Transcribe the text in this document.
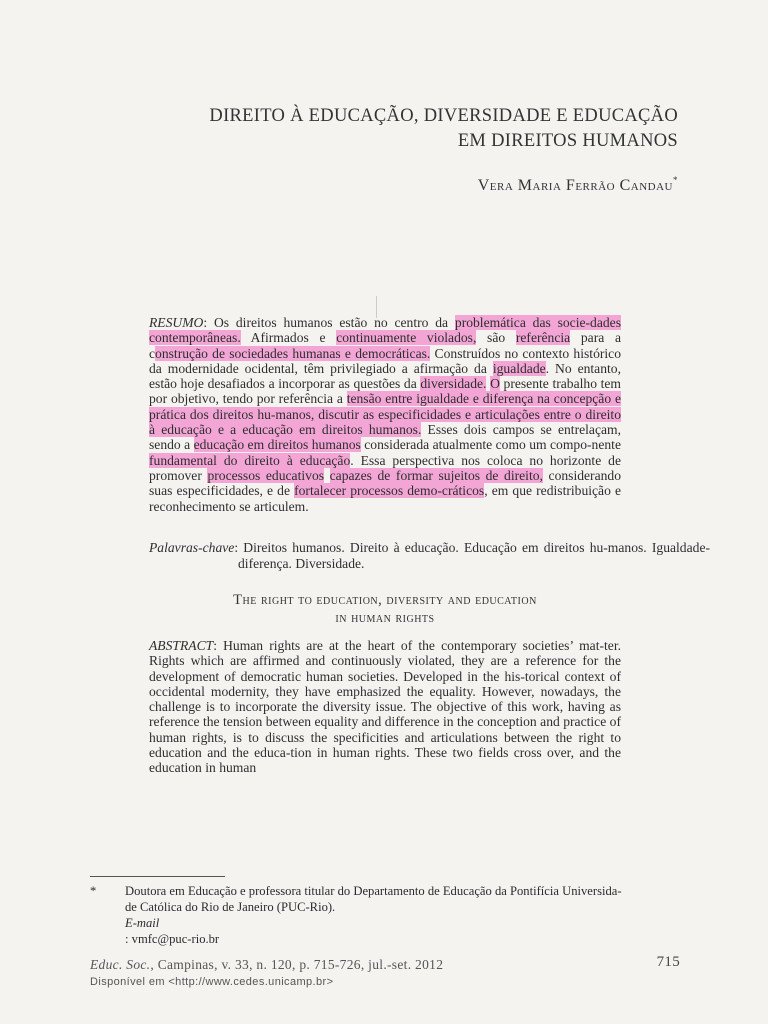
DIREITO À EDUCAÇÃO, DIVERSIDADE E EDUCAÇÃO
EM DIREITOS HUMANOS
Vera Maria Ferrão Candau*
RESUMO: Os direitos humanos estão no centro da problemática das socie-dades contemporâneas. Afirmados e continuamente violados, são referência para a construção de sociedades humanas e democráticas. Construídos no contexto histórico da modernidade ocidental, têm privilegiado a afirmação da igualdade. No entanto, estão hoje desafiados a incorporar as questões da diversidade. O presente trabalho tem por objetivo, tendo por referência a tensão entre igualdade e diferença na concepção e prática dos direitos hu-manos, discutir as especificidades e articulações entre o direito à educação e a educação em direitos humanos. Esses dois campos se entrelaçam, sendo a educação em direitos humanos considerada atualmente como um compo-nente fundamental do direito à educação. Essa perspectiva nos coloca no horizonte de promover processos educativos capazes de formar sujeitos de direito, considerando suas especificidades, e de fortalecer processos demo-cráticos, em que redistribuição e reconhecimento se articulem.
Palavras-chave: Direitos humanos. Direito à educação. Educação em direitos hu-manos. Igualdade-diferença. Diversidade.
The right to education, diversity and education
in human rights
ABSTRACT: Human rights are at the heart of the contemporary societies’ mat-ter. Rights which are affirmed and continuously violated, they are a reference for the development of democratic human societies. Developed in the his-torical context of occidental modernity, they have emphasized the equality. However, nowadays, the challenge is to incorporate the diversity issue. The objective of this work, having as reference the tension between equality and difference in the conception and practice of human rights, is to discuss the specificities and articulations between the right to education and the educa-tion in human rights. These two fields cross over, and the education in human
* Doutora em Educação e professora titular do Departamento de Educação da Pontifícia Universida-
de Católica do Rio de Janeiro (PUC-Rio).
E-mail
: vmfc@puc-rio.br
Educ. Soc., Campinas, v. 33, n. 120, p. 715-726, jul.-set. 2012	715
Disponível em <http://www.cedes.unicamp.br>
